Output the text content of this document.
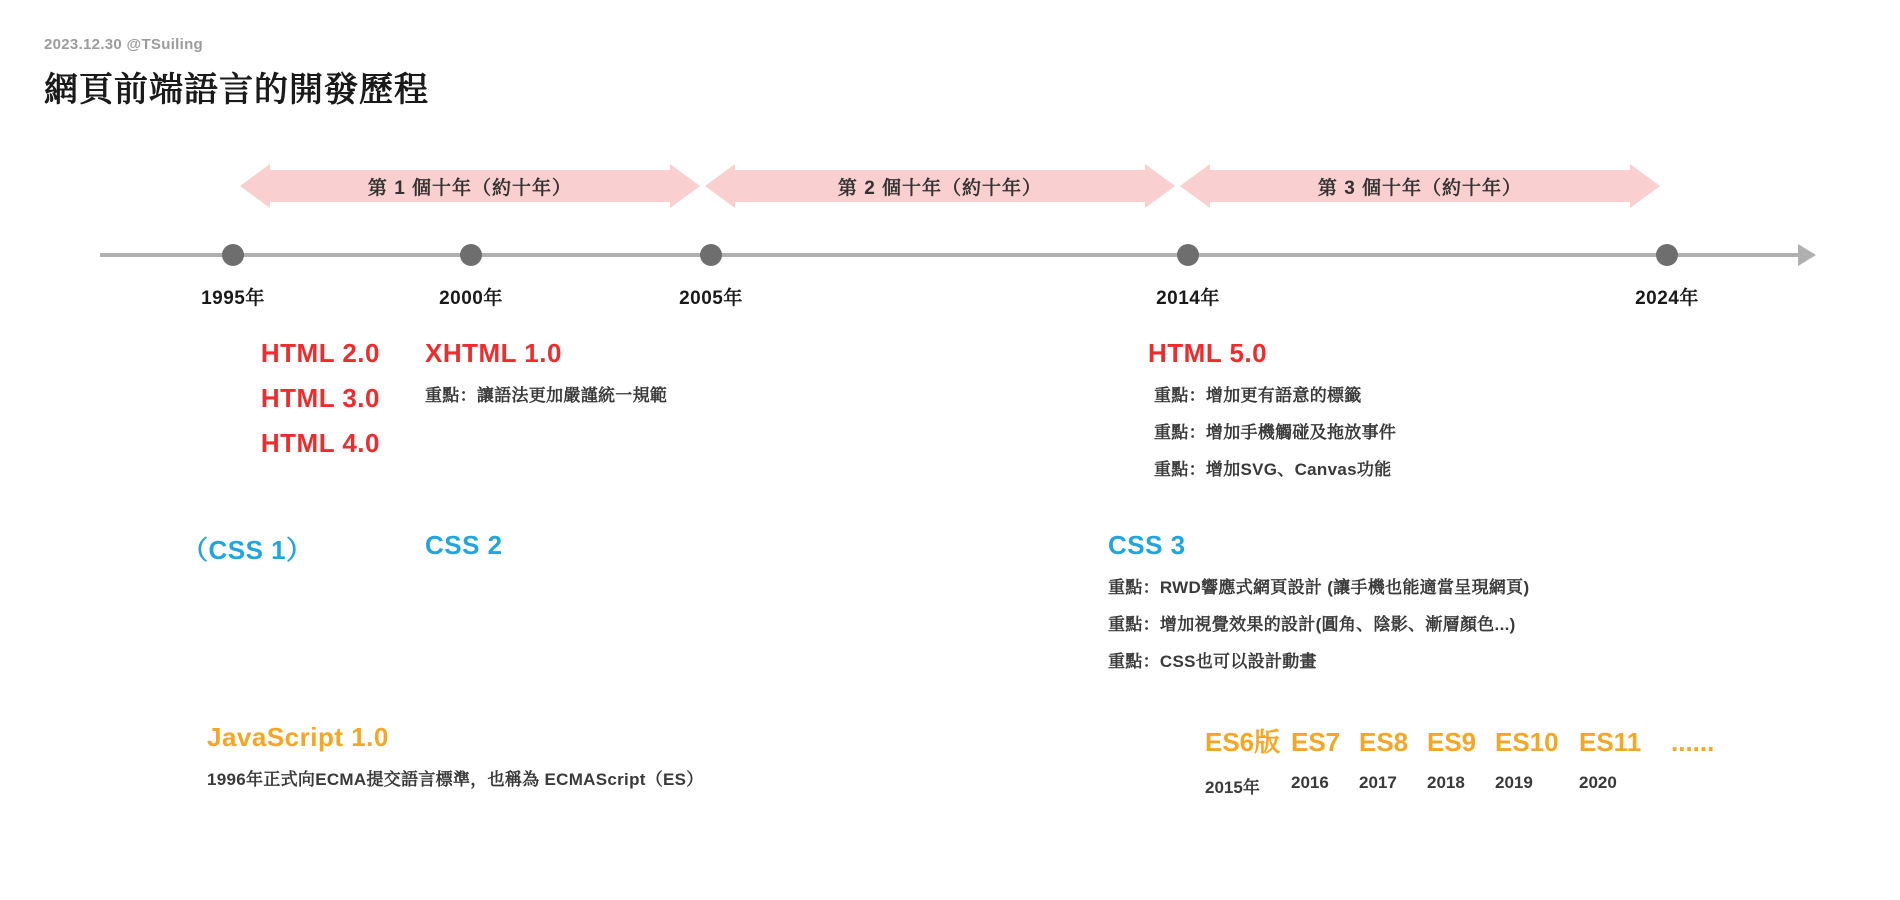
2023.12.30 @TSuiling
網頁前端語言的開發歷程
第 1 個十年（約十年）	第 2 個十年（約十年）	第 3 個十年（約十年）
1995年	2000年	2005年	2014年	2024年
HTML 2.0
HTML 3.0
HTML 4.0
XHTML 1.0
重點：讓語法更加嚴謹統一規範
HTML 5.0
重點：增加更有語意的標籤
重點：增加手機觸碰及拖放事件
重點：增加SVG、Canvas功能
（CSS 1）	CSS 2	CSS 3
重點：RWD響應式網頁設計 (讓手機也能適當呈現網頁)
重點：增加視覺效果的設計(圓角、陰影、漸層顏色...)
重點：CSS也可以設計動畫
JavaScript 1.0
1996年正式向ECMA提交語言標準，也稱為 ECMAScript（ES）
ES6版 ES7 ES8 ES9 ES10 ES11	......
2015年	2016	2017	2018	2019	2020
